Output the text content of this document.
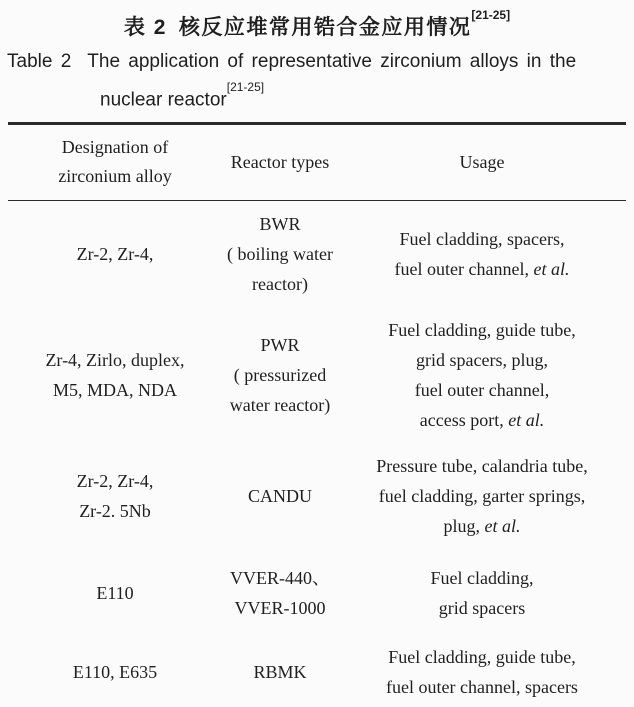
表 2 核反应堆常用锆合金应用情况[21-25]
Table 2 The application of representative zirconium alloys in the
nuclear reactor[21-25]
Designation of
zirconium alloy
Reactor types	Usage
Zr-2, Zr-4,
BWR
( boiling water
reactor)
Fuel cladding, spacers,
fuel outer channel, et al.
Zr-4, Zirlo, duplex,
M5, MDA, NDA
PWR
( pressurized
water reactor)
Fuel cladding, guide tube,
grid spacers, plug,
fuel outer channel,
access port, et al.
Zr-2, Zr-4,
Zr-2. 5Nb
CANDU
Pressure tube, calandria tube,
fuel cladding, garter springs,
plug, et al.
E110
VVER-440、
VVER-1000
Fuel cladding,
grid spacers
E110, E635	RBMK
Fuel cladding, guide tube,
fuel outer channel, spacers
